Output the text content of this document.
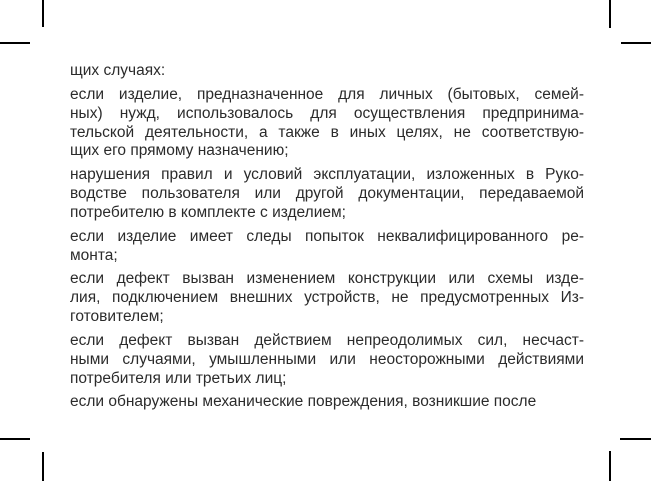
щих случаях:
если изделие, предназначенное для личных (бытовых, семей-
ных) нужд, использовалось для осуществления предпринима-
тельской деятельности, а также в иных целях, не соответствую-
щих его прямому назначению;
нарушения правил и условий эксплуатации, изложенных в Руко-
водстве пользователя или другой документации, передаваемой
потребителю в комплекте с изделием;
если изделие имеет следы попыток неквалифицированного ре-
монта;
если дефект вызван изменением конструкции или схемы изде-
лия, подключением внешних устройств, не предусмотренных Из-
готовителем;
если дефект вызван действием непреодолимых сил, несчаст-
ными случаями, умышленными или неосторожными действиями
потребителя или третьих лиц;
если обнаружены механические повреждения, возникшие после
